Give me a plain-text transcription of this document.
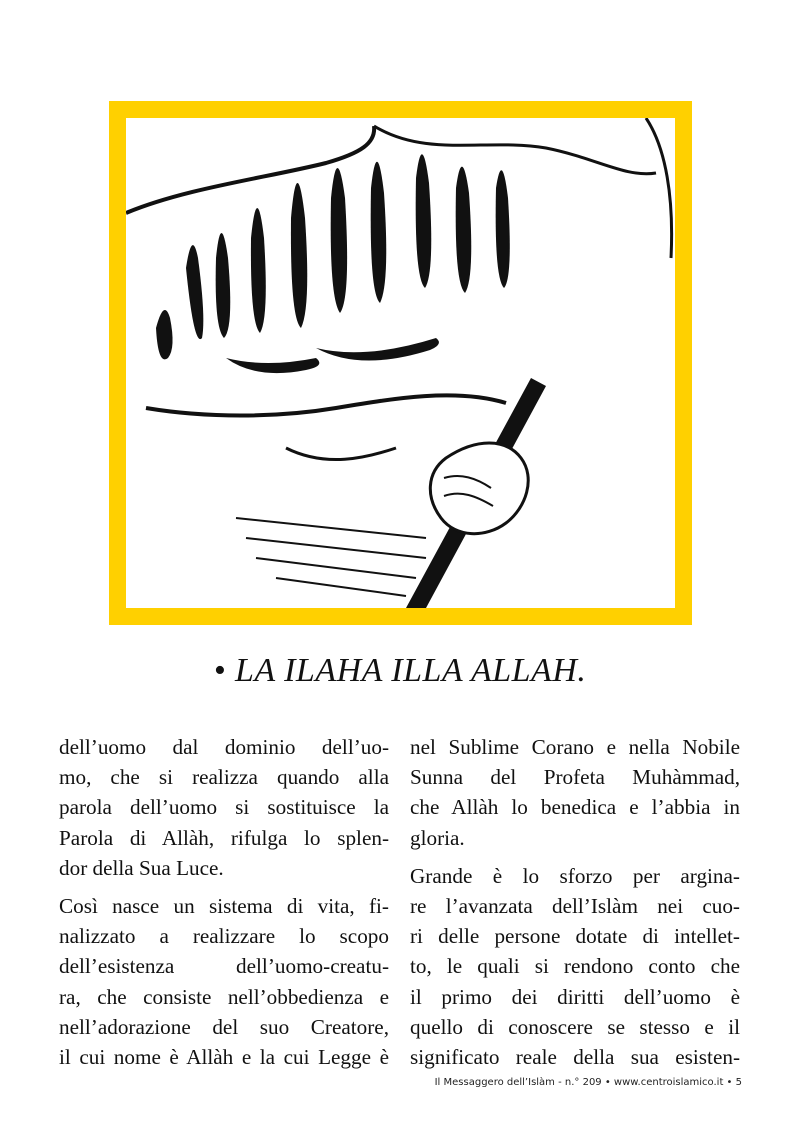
• LA ILAHA ILLA ALLAH.

dell’uomo dal dominio dell’uo-
mo, che si realizza quando alla
parola dell’uomo si sostituisce la
Parola di Allàh, rifulga lo splen-
dor della Sua Luce.

Così nasce un sistema di vita, fi-
nalizzato a realizzare lo scopo
dell’esistenza dell’uomo-creatu-
ra, che consiste nell’obbedienza e
nell’adorazione del suo Creatore,
il cui nome è Allàh e la cui Legge è

nel Sublime Corano e nella Nobile
Sunna del Profeta Muhàmmad,
che Allàh lo benedica e l’abbia in
gloria.

Grande è lo sforzo per argina-
re l’avanzata dell’Islàm nei cuo-
ri delle persone dotate di intellet-
to, le quali si rendono conto che
il primo dei diritti dell’uomo è
quello di conoscere se stesso e il
significato reale della sua esisten-

Il Messaggero dell’Islàm - n.° 209 • www.centroislamico.it • 5
